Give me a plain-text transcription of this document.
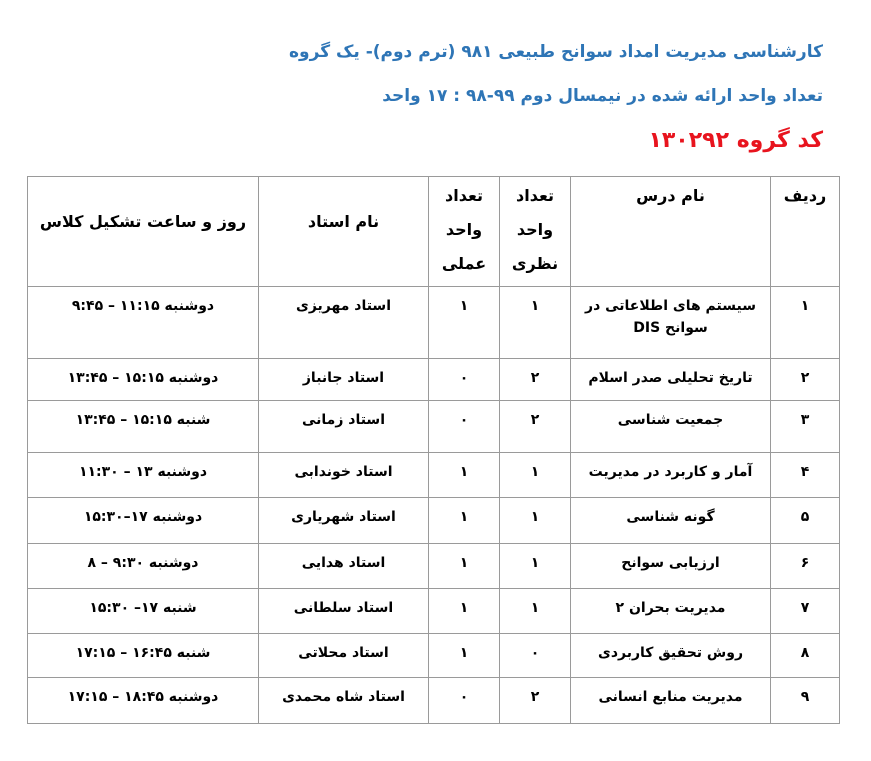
کارشناسی مدیریت امداد سوانح طبیعی ۹۸۱ (ترم دوم)- یک گروه
تعداد واحد ارائه شده در نیمسال دوم ۹۹-۹۸ : ۱۷ واحد
کد گروه ۱۳۰۲۹۲
ردیف	نام درس	تعداد واحد نظری	تعداد واحد عملی	نام استاد	روز و ساعت تشکیل کلاس
۱	سیستم های اطلاعاتی در سوانح DIS	۱	۱	استاد مهریزی	دوشنبه ۱۱:۱۵ – ۹:۴۵
۲	تاریخ تحلیلی صدر اسلام	۲	۰	استاد جانباز	دوشنبه ۱۵:۱۵ – ۱۳:۴۵
۳	جمعیت شناسی	۲	۰	استاد زمانی	شنبه ۱۵:۱۵ – ۱۳:۴۵
۴	آمار و کاربرد در مدیریت	۱	۱	استاد خوندابی	دوشنبه ۱۳ – ۱۱:۳۰
۵	گونه شناسی	۱	۱	استاد شهریاری	دوشنبه ۱۷–۱۵:۳۰
۶	ارزیابی سوانح	۱	۱	استاد هدایی	دوشنبه ۹:۳۰ – ۸
۷	مدیریت بحران ۲	۱	۱	استاد سلطانی	شنبه ۱۷– ۱۵:۳۰
۸	روش تحقیق کاربردی	۰	۱	استاد محلاتی	شنبه ۱۶:۴۵ – ۱۷:۱۵
۹	مدیریت منابع انسانی	۲	۰	استاد شاه محمدی	دوشنبه ۱۸:۴۵ – ۱۷:۱۵
